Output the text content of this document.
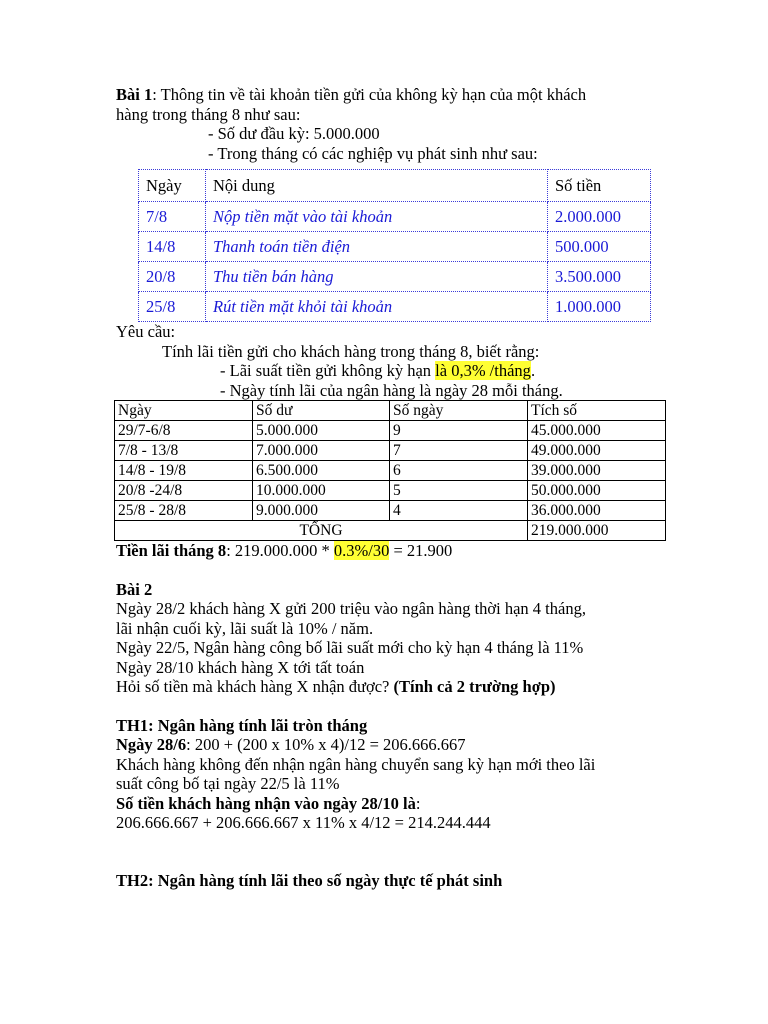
Bài 1: Thông tin về tài khoản tiền gửi của không kỳ hạn của một khách
hàng trong tháng 8 như sau:
- Số dư đầu kỳ: 5.000.000
- Trong tháng có các nghiệp vụ phát sinh như sau:
Ngày	Nội dung	Số tiền
7/8	Nộp tiền mặt vào tài khoản	2.000.000
14/8	Thanh toán tiền điện	500.000
20/8	Thu tiền bán hàng	3.500.000
25/8	Rút tiền mặt khỏi tài khoản	1.000.000
Yêu cầu:
Tính lãi tiền gửi cho khách hàng trong tháng 8, biết rằng:
- Lãi suất tiền gửi không kỳ hạn là 0,3% /tháng.
- Ngày tính lãi của ngân hàng là ngày 28 mỗi tháng.
Ngày	Số dư	Số ngày	Tích số
29/7-6/8	5.000.000	9	45.000.000
7/8 - 13/8	7.000.000	7	49.000.000
14/8 - 19/8	6.500.000	6	39.000.000
20/8 -24/8	10.000.000	5	50.000.000
25/8 - 28/8	9.000.000	4	36.000.000
TỔNG			219.000.000
Tiền lãi tháng 8: 219.000.000 * 0.3%/30 = 21.900
Bài 2
Ngày 28/2 khách hàng X gửi 200 triệu vào ngân hàng thời hạn 4 tháng,
lãi nhận cuối kỳ, lãi suất là 10% / năm.
Ngày 22/5, Ngân hàng công bố lãi suất mới cho kỳ hạn 4 tháng là 11%
Ngày 28/10 khách hàng X tới tất toán
Hỏi số tiền mà khách hàng X nhận được? (Tính cả 2 trường hợp)
TH1: Ngân hàng tính lãi tròn tháng
Ngày 28/6: 200 + (200 x 10% x 4)/12 = 206.666.667
Khách hàng không đến nhận ngân hàng chuyển sang kỳ hạn mới theo lãi
suất công bố tại ngày 22/5 là 11%
Số tiền khách hàng nhận vào ngày 28/10 là:
206.666.667 + 206.666.667 x 11% x 4/12 = 214.244.444
TH2: Ngân hàng tính lãi theo số ngày thực tế phát sinh
